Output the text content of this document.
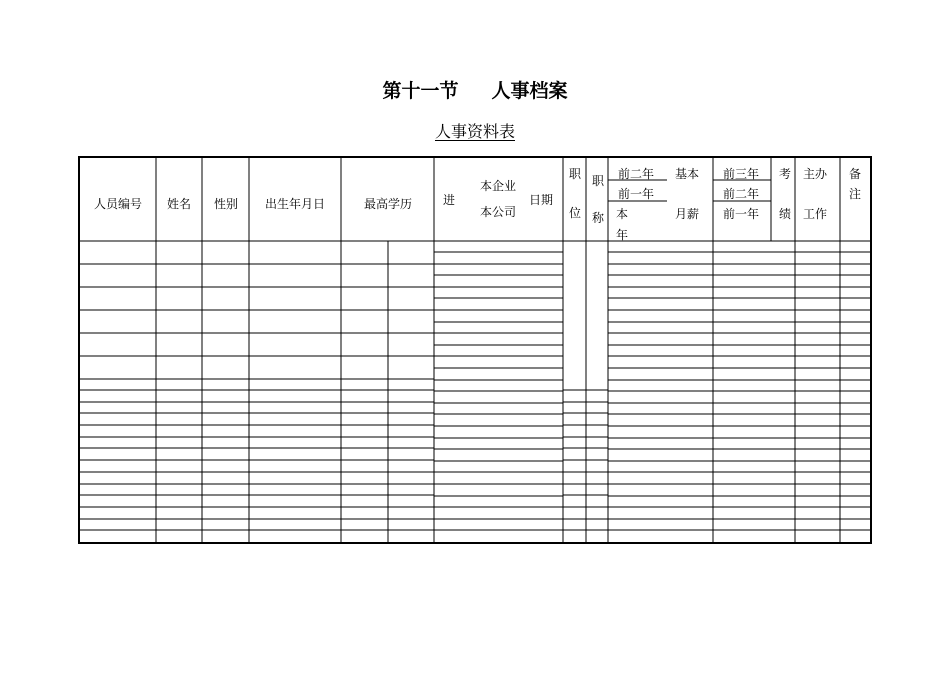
第十一节     人事档案
人事资料表
人员编号 姓名 性别 出生年月日	最高学历	进
本企业
本公司
日期
职
位
职
称
前二年
前一年
本
年
基本
月薪
前三年
前二年
前一年
考
绩
主办
工作
备
注
